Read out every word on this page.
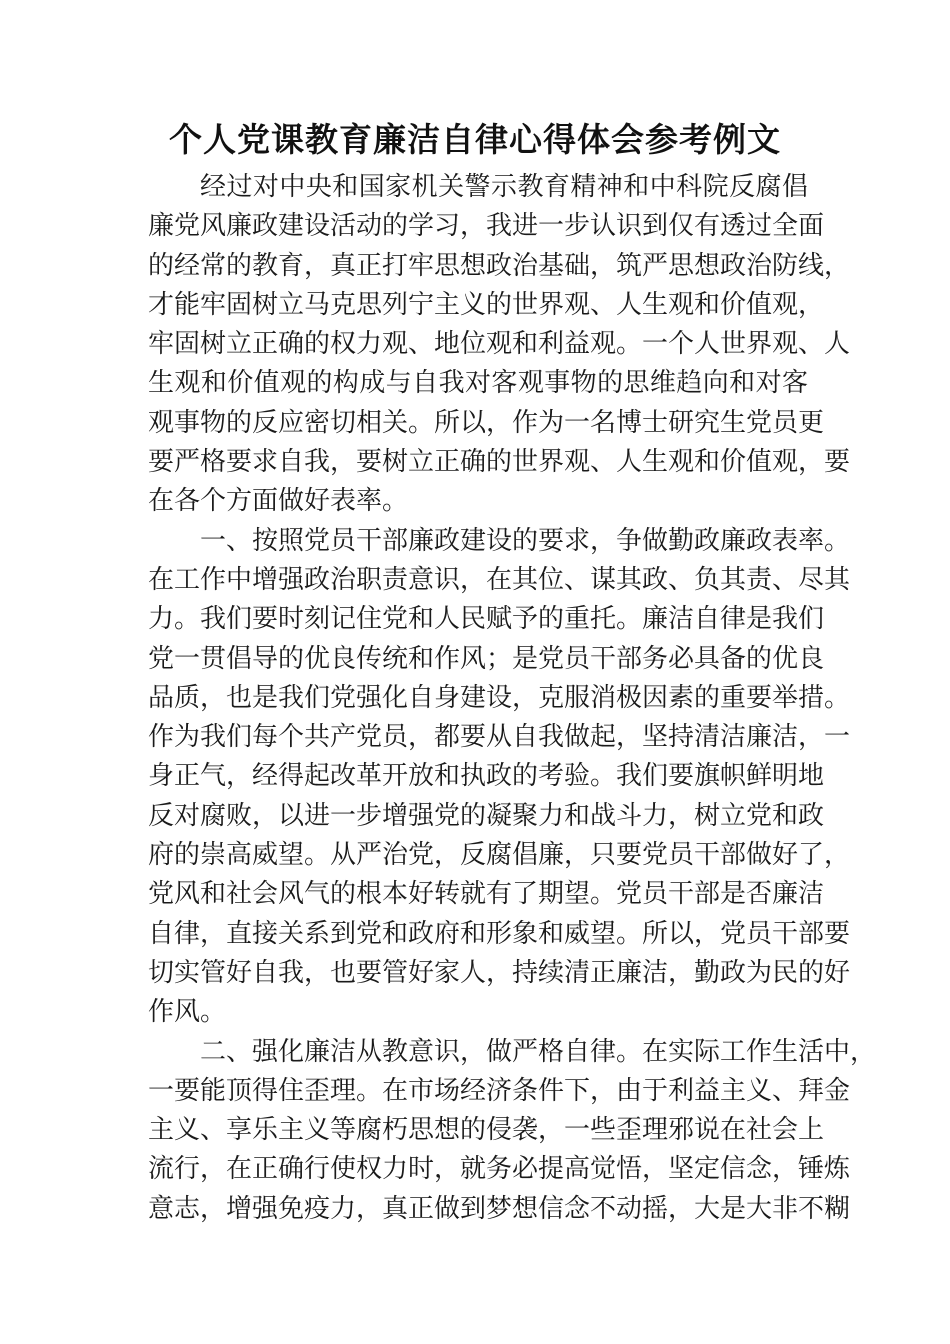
个人党课教育廉洁自律心得体会参考例文
经过对中央和国家机关警示教育精神和中科院反腐倡
廉党风廉政建设活动的学习，我进一步认识到仅有透过全面
的经常的教育，真正打牢思想政治基础，筑严思想政治防线，
才能牢固树立马克思列宁主义的世界观、人生观和价值观，
牢固树立正确的权力观、地位观和利益观。一个人世界观、人
生观和价值观的构成与自我对客观事物的思维趋向和对客
观事物的反应密切相关。所以，作为一名博士研究生党员更
要严格要求自我，要树立正确的世界观、人生观和价值观，要
在各个方面做好表率。
一、按照党员干部廉政建设的要求，争做勤政廉政表率。
在工作中增强政治职责意识，在其位、谋其政、负其责、尽其
力。我们要时刻记住党和人民赋予的重托。廉洁自律是我们
党一贯倡导的优良传统和作风；是党员干部务必具备的优良
品质，也是我们党强化自身建设，克服消极因素的重要举措。
作为我们每个共产党员，都要从自我做起，坚持清洁廉洁，一
身正气，经得起改革开放和执政的考验。我们要旗帜鲜明地
反对腐败，以进一步增强党的凝聚力和战斗力，树立党和政
府的崇高威望。从严治党，反腐倡廉，只要党员干部做好了，
党风和社会风气的根本好转就有了期望。党员干部是否廉洁
自律，直接关系到党和政府和形象和威望。所以，党员干部要
切实管好自我，也要管好家人，持续清正廉洁，勤政为民的好
作风。
二、强化廉洁从教意识，做严格自律。在实际工作生活中，
一要能顶得住歪理。在市场经济条件下，由于利益主义、拜金
主义、享乐主义等腐朽思想的侵袭，一些歪理邪说在社会上
流行，在正确行使权力时，就务必提高觉悟，坚定信念，锤炼
意志，增强免疫力，真正做到梦想信念不动摇，大是大非不糊
